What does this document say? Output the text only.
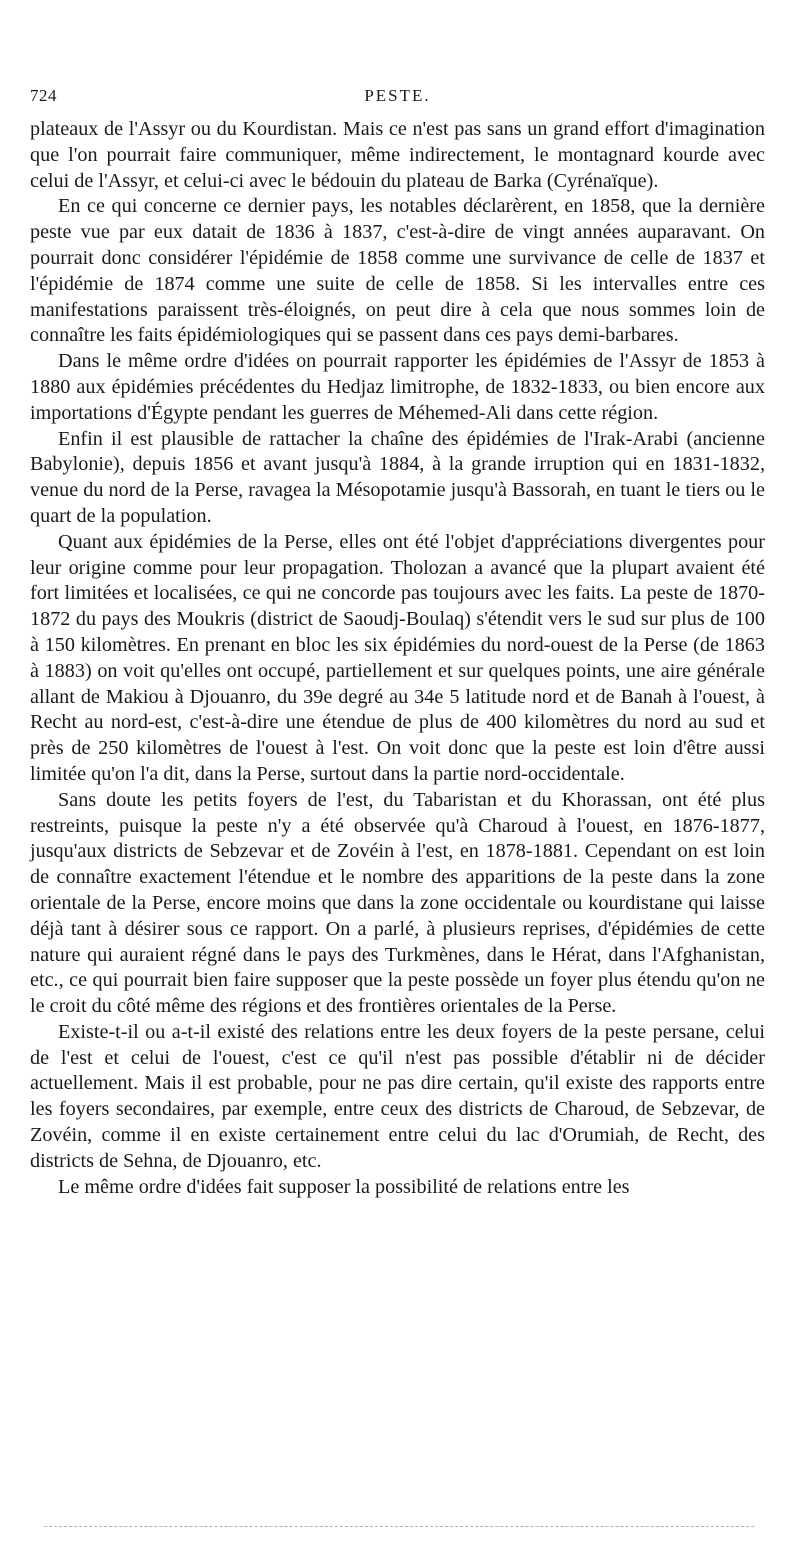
724	PESTE.

plateaux de l'Assyr ou du Kourdistan. Mais ce n'est pas sans un grand effort d'imagination que l'on pourrait faire communiquer, même indirectement, le montagnard kourde avec celui de l'Assyr, et celui-ci avec le bédouin du plateau de Barka (Cyrénaïque).

En ce qui concerne ce dernier pays, les notables déclarèrent, en 1858, que la dernière peste vue par eux datait de 1836 à 1837, c'est-à-dire de vingt années auparavant. On pourrait donc considérer l'épidémie de 1858 comme une survivance de celle de 1837 et l'épidémie de 1874 comme une suite de celle de 1858. Si les intervalles entre ces manifestations paraissent très-éloignés, on peut dire à cela que nous sommes loin de connaître les faits épidémiologiques qui se passent dans ces pays demi-barbares.

Dans le même ordre d'idées on pourrait rapporter les épidémies de l'Assyr de 1853 à 1880 aux épidémies précédentes du Hedjaz limitrophe, de 1832-1833, ou bien encore aux importations d'Égypte pendant les guerres de Méhemed-Ali dans cette région.

Enfin il est plausible de rattacher la chaîne des épidémies de l'Irak-Arabi (ancienne Babylonie), depuis 1856 et avant jusqu'à 1884, à la grande irruption qui en 1831-1832, venue du nord de la Perse, ravagea la Mésopotamie jusqu'à Bassorah, en tuant le tiers ou le quart de la population.

Quant aux épidémies de la Perse, elles ont été l'objet d'appréciations divergentes pour leur origine comme pour leur propagation. Tholozan a avancé que la plupart avaient été fort limitées et localisées, ce qui ne concorde pas toujours avec les faits. La peste de 1870-1872 du pays des Moukris (district de Saoudj-Boulaq) s'étendit vers le sud sur plus de 100 à 150 kilomètres. En prenant en bloc les six épidémies du nord-ouest de la Perse (de 1863 à 1883) on voit qu'elles ont occupé, partiellement et sur quelques points, une aire générale allant de Makiou à Djouanro, du 39e degré au 34e 5 latitude nord et de Banah à l'ouest, à Recht au nord-est, c'est-à-dire une étendue de plus de 400 kilomètres du nord au sud et près de 250 kilomètres de l'ouest à l'est. On voit donc que la peste est loin d'être aussi limitée qu'on l'a dit, dans la Perse, surtout dans la partie nord-occidentale.

Sans doute les petits foyers de l'est, du Tabaristan et du Khorassan, ont été plus restreints, puisque la peste n'y a été observée qu'à Charoud à l'ouest, en 1876-1877, jusqu'aux districts de Sebzevar et de Zovéin à l'est, en 1878-1881. Cependant on est loin de connaître exactement l'étendue et le nombre des apparitions de la peste dans la zone orientale de la Perse, encore moins que dans la zone occidentale ou kourdistane qui laisse déjà tant à désirer sous ce rapport. On a parlé, à plusieurs reprises, d'épidémies de cette nature qui auraient régné dans le pays des Turkmènes, dans le Hérat, dans l'Afghanistan, etc., ce qui pourrait bien faire supposer que la peste possède un foyer plus étendu qu'on ne le croit du côté même des régions et des frontières orientales de la Perse.

Existe-t-il ou a-t-il existé des relations entre les deux foyers de la peste persane, celui de l'est et celui de l'ouest, c'est ce qu'il n'est pas possible d'établir ni de décider actuellement. Mais il est probable, pour ne pas dire certain, qu'il existe des rapports entre les foyers secondaires, par exemple, entre ceux des districts de Charoud, de Sebzevar, de Zovéin, comme il en existe certainement entre celui du lac d'Orumiah, de Recht, des districts de Sehna, de Djouanro, etc.

Le même ordre d'idées fait supposer la possibilité de relations entre les
